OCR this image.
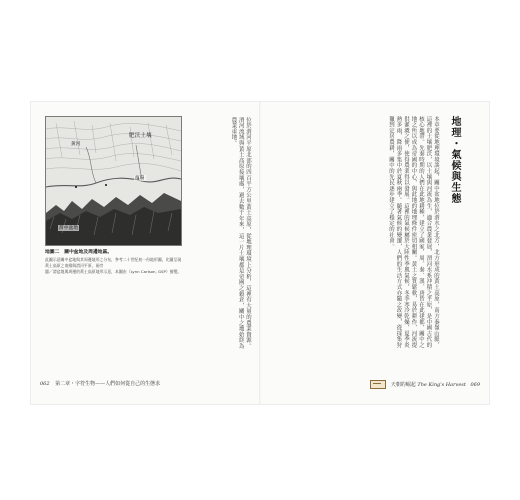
黃河
肥沃土壤
酉陽
渭中盆地
地圖二　關中盆地及周邊地區。
此圖示意關中盆地與其周邊地形之分布，參考二十世紀初一份地形圖，比圖呈現黃土高原之南緣與渭河平原，兩旁
題／渭盆地與周邊的黃土高原地形示意，本圖由（Lynn Carlson, GSP）繪製。	位於渭河平原北部的四百平方公里黃土高原，從地理環境上分析，這裡有大量的農業資源。渭河流域與黃土高原接壤處，過去數千年來，這一片土壤都是帝國之穀倉，關中之地始終為農業重地。
062 第二章・字符生物——人們如何從自己的生態求
地理・氣候與生態
本章要從地理環境談起，關中盆地位於渭水之北方，北方形成的黃土高原，南方秦嶺山脈，這裡的土壤肥沃，以土壤與河流為生，適合農業發展，渭河水系沖積之平原，是中國古代的核心地帶。先秦時期的人們在此地耕種，建立了國家，周、秦、漢、唐皆在此建都，關中之地之所以成為帝國的中心，與此地的地理條件密切相關。黃土之質鬆軟，易於耕作，河流提供灌溉之便，使得農業得以發展。這裡的氣候屬於大陸性季風氣候，冬季寒冷乾燥，夏季炎熱多雨，降雨多集中於夏秋兩季。隨著氣候的變遷，人們的生活方式亦隨之改變，從採集狩獵到定居農耕，關中的先民逐步建立了穩定的社會。
天朝的崛起 The King's Harvest 069
